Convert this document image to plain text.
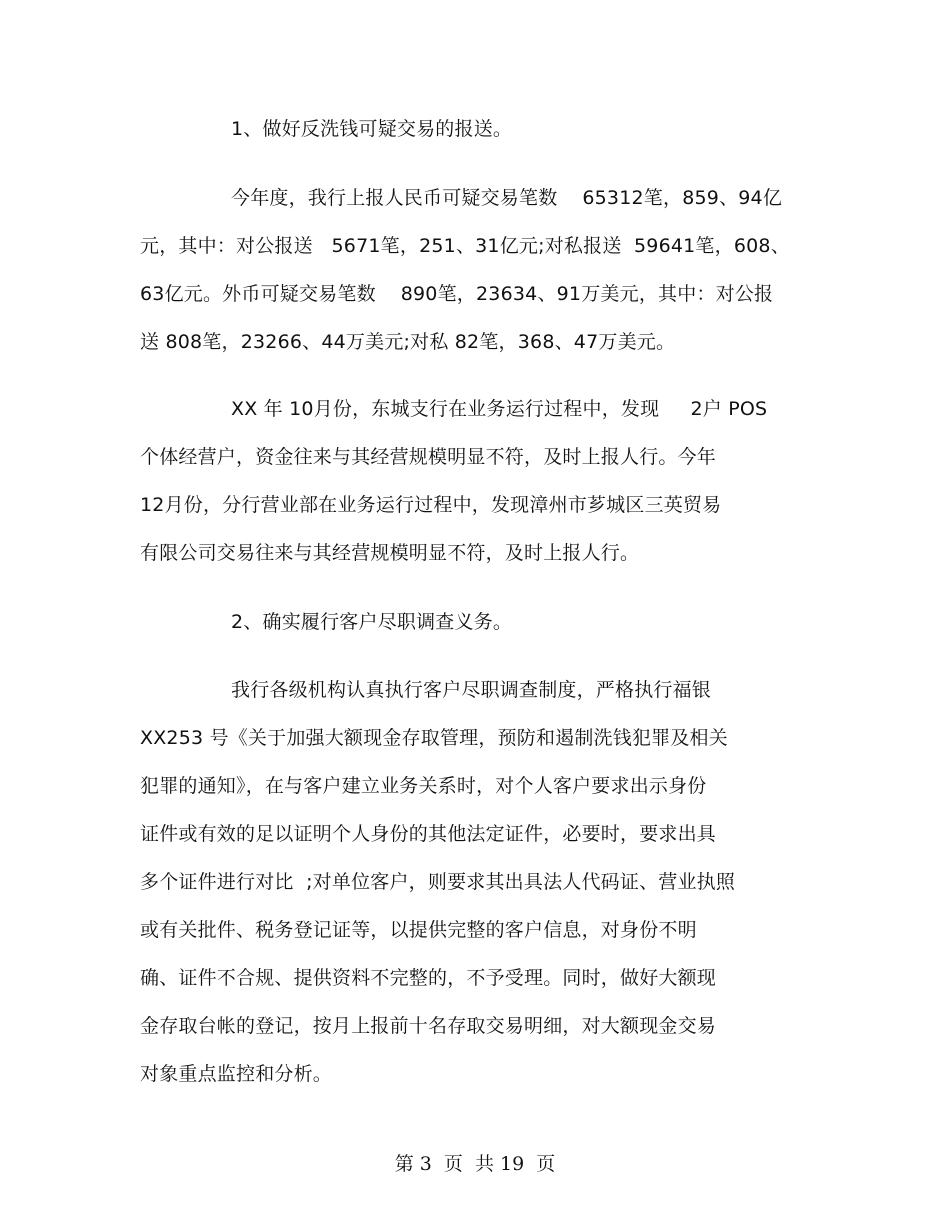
1、做好反洗钱可疑交易的报送。
今年度，我行上报人民币可疑交易笔数    65312笔，859、94亿
元，其中：对公报送   5671笔，251、31亿元;对私报送  59641笔，608、
63亿元。外币可疑交易笔数    890笔，23634、91万美元，其中：对公报
送 808笔，23266、44万美元;对私 82笔，368、47万美元。
XX 年 10月份，东城支行在业务运行过程中，发现     2户 POS
个体经营户，资金往来与其经营规模明显不符，及时上报人行。今年
12月份，分行营业部在业务运行过程中，发现漳州市芗城区三英贸易
有限公司交易往来与其经营规模明显不符，及时上报人行。
2、确实履行客户尽职调查义务。
我行各级机构认真执行客户尽职调查制度，严格执行福银
XX253 号《关于加强大额现金存取管理，预防和遏制洗钱犯罪及相关
犯罪的通知》，在与客户建立业务关系时，对个人客户要求出示身份
证件或有效的足以证明个人身份的其他法定证件，必要时，要求出具
多个证件进行对比  ;对单位客户，则要求其出具法人代码证、营业执照
或有关批件、税务登记证等，以提供完整的客户信息，对身份不明
确、证件不合规、提供资料不完整的，不予受理。同时，做好大额现
金存取台帐的登记，按月上报前十名存取交易明细，对大额现金交易
对象重点监控和分析。
第 3  页  共 19  页
